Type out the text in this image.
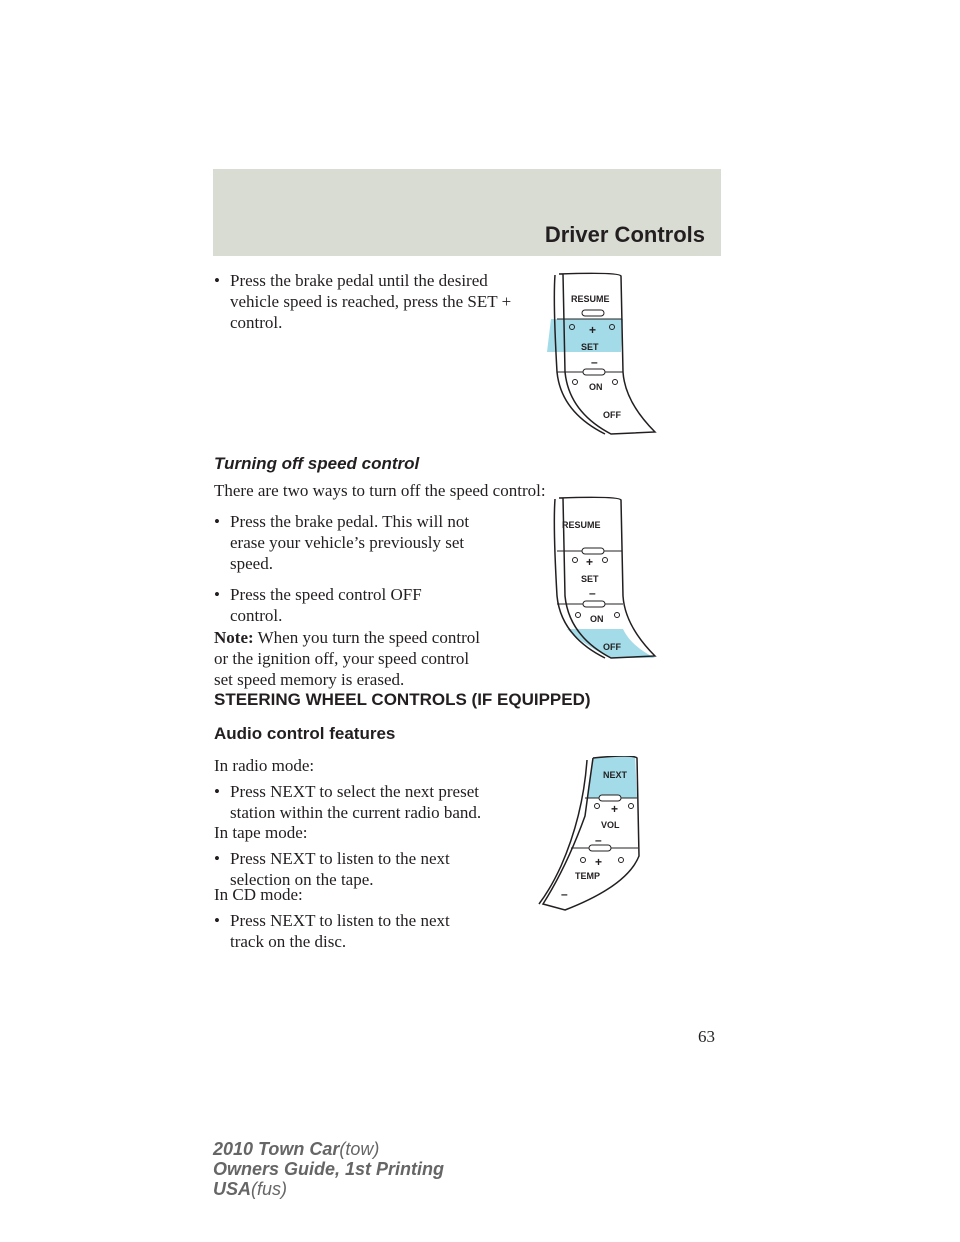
Driver Controls
• Press the brake pedal until the desired vehicle speed is reached, press the SET + control.
RESUME
+
SET
–
ON
OFF
Turning off speed control
There are two ways to turn off the speed control:
• Press the brake pedal. This will not erase your vehicle’s previously set speed.
• Press the speed control OFF control.
Note: When you turn the speed control or the ignition off, your speed control set speed memory is erased.
RESUME
+
SET
–
ON
OFF
STEERING WHEEL CONTROLS (IF EQUIPPED)
Audio control features
In radio mode:
• Press NEXT to select the next preset station within the current radio band.
In tape mode:
• Press NEXT to listen to the next selection on the tape.
In CD mode:
• Press NEXT to listen to the next track on the disc.
NEXT
+
VOL
–
+
TEMP
–
63
2010 Town Car(tow)
Owners Guide, 1st Printing
USA(fus)
